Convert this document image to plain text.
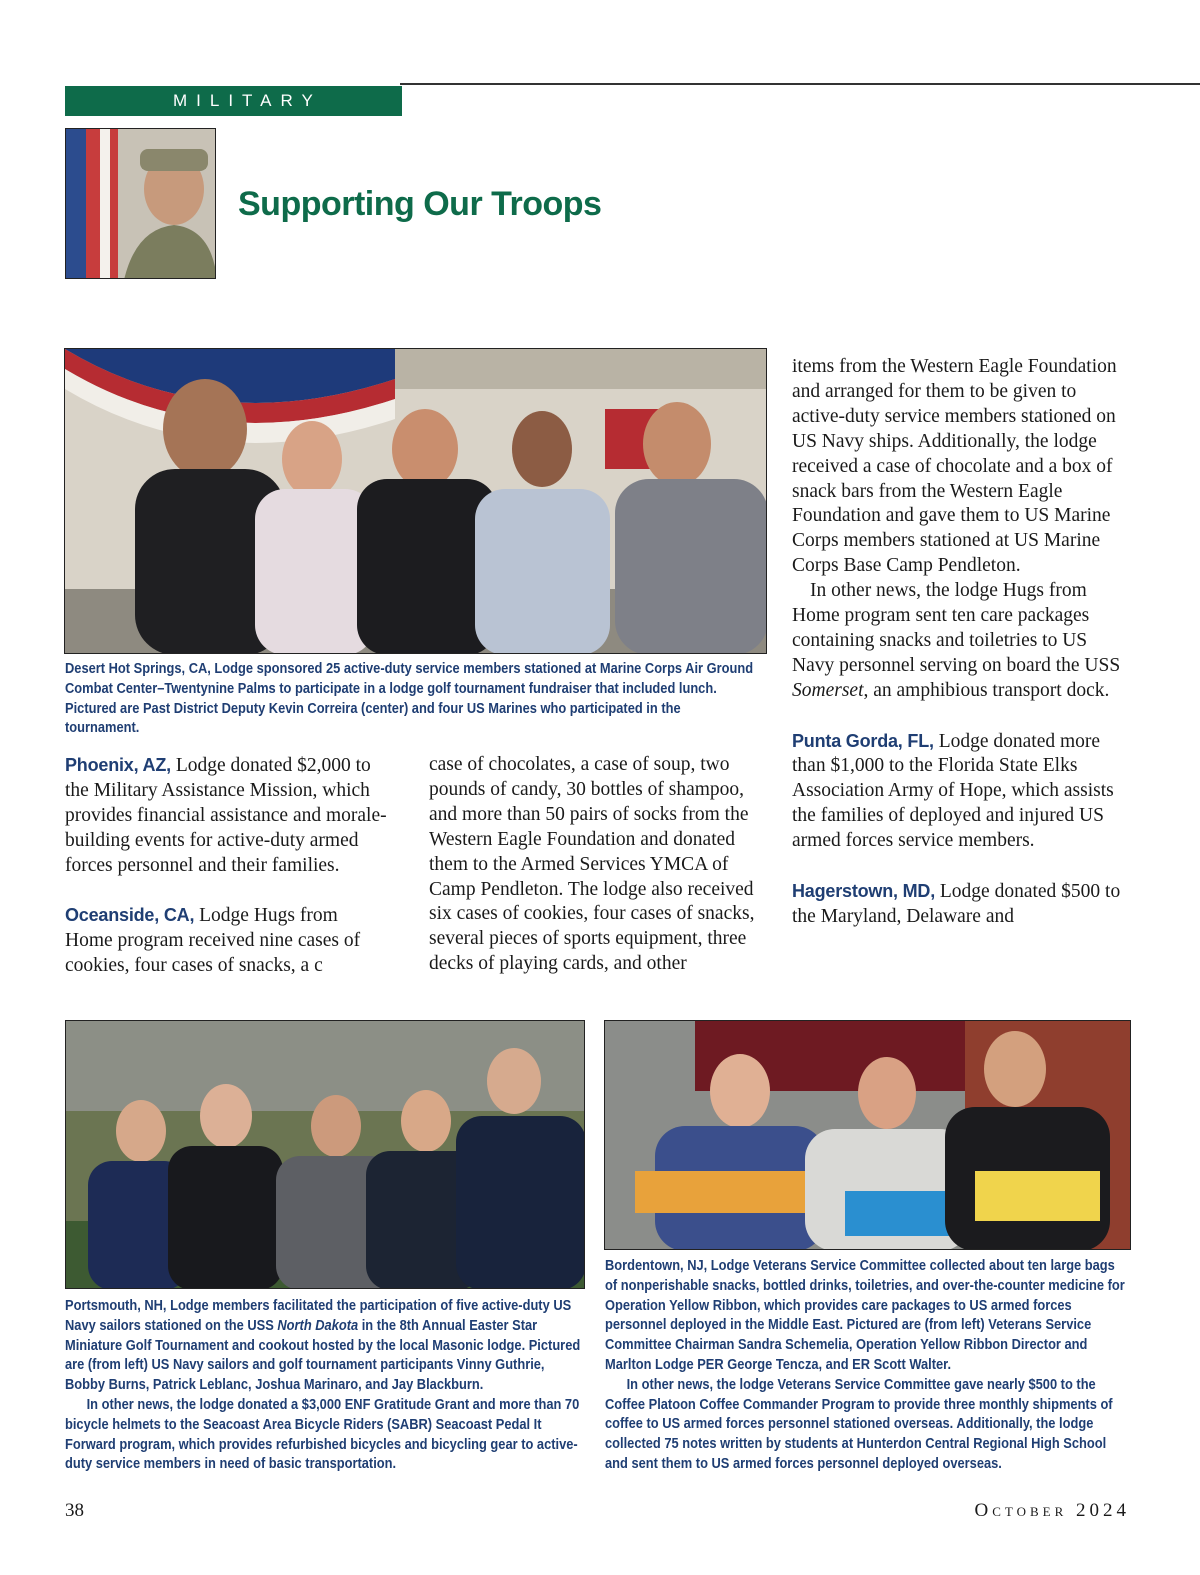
MILITARY
Supporting Our Troops

Desert Hot Springs, CA, Lodge sponsored 25 active-duty service members stationed at Marine Corps Air Ground Combat Center–Twentynine Palms to participate in a lodge golf tournament fundraiser that included lunch. Pictured are Past District Deputy Kevin Correira (center) and four US Marines who participated in the tournament.

Phoenix, AZ, Lodge donated $2,000 to the Military Assistance Mission, which provides financial assistance and morale-building events for active-duty armed forces personnel and their families.

Oceanside, CA, Lodge Hugs from Home program received nine cases of cookies, four cases of snacks, a c

case of chocolates, a case of soup, two pounds of candy, 30 bottles of shampoo, and more than 50 pairs of socks from the Western Eagle Foundation and donated them to the Armed Services YMCA of Camp Pendleton. The lodge also received six cases of cookies, four cases of snacks, several pieces of sports equipment, three decks of playing cards, and other

items from the Western Eagle Foundation and arranged for them to be given to active-duty service members stationed on US Navy ships. Additionally, the lodge received a case of chocolate and a box of snack bars from the Western Eagle Foundation and gave them to US Marine Corps members stationed at US Marine Corps Base Camp Pendleton.

In other news, the lodge Hugs from Home program sent ten care packages containing snacks and toiletries to US Navy personnel serving on board the USS Somerset, an amphibious transport dock.

Punta Gorda, FL, Lodge donated more than $1,000 to the Florida State Elks Association Army of Hope, which assists the families of deployed and injured US armed forces service members.

Hagerstown, MD, Lodge donated $500 to the Maryland, Delaware and

Portsmouth, NH, Lodge members facilitated the participation of five active-duty US Navy sailors stationed on the USS North Dakota in the 8th Annual Easter Star Miniature Golf Tournament and cookout hosted by the local Masonic lodge. Pictured are (from left) US Navy sailors and golf tournament participants Vinny Guthrie, Bobby Burns, Patrick Leblanc, Joshua Marinaro, and Jay Blackburn.

In other news, the lodge donated a $3,000 ENF Gratitude Grant and more than 70 bicycle helmets to the Seacoast Area Bicycle Riders (SABR) Seacoast Pedal It Forward program, which provides refurbished bicycles and bicycling gear to active-duty service members in need of basic transportation.

Bordentown, NJ, Lodge Veterans Service Committee collected about ten large bags of nonperishable snacks, bottled drinks, toiletries, and over-the-counter medicine for Operation Yellow Ribbon, which provides care packages to US armed forces personnel deployed in the Middle East. Pictured are (from left) Veterans Service Committee Chairman Sandra Schemelia, Operation Yellow Ribbon Director and Marlton Lodge PER George Tencza, and ER Scott Walter.

In other news, the lodge Veterans Service Committee gave nearly $500 to the Coffee Platoon Coffee Commander Program to provide three monthly shipments of coffee to US armed forces personnel stationed overseas. Additionally, the lodge collected 75 notes written by students at Hunterdon Central Regional High School and sent them to US armed forces personnel deployed overseas.

38	October 2024
